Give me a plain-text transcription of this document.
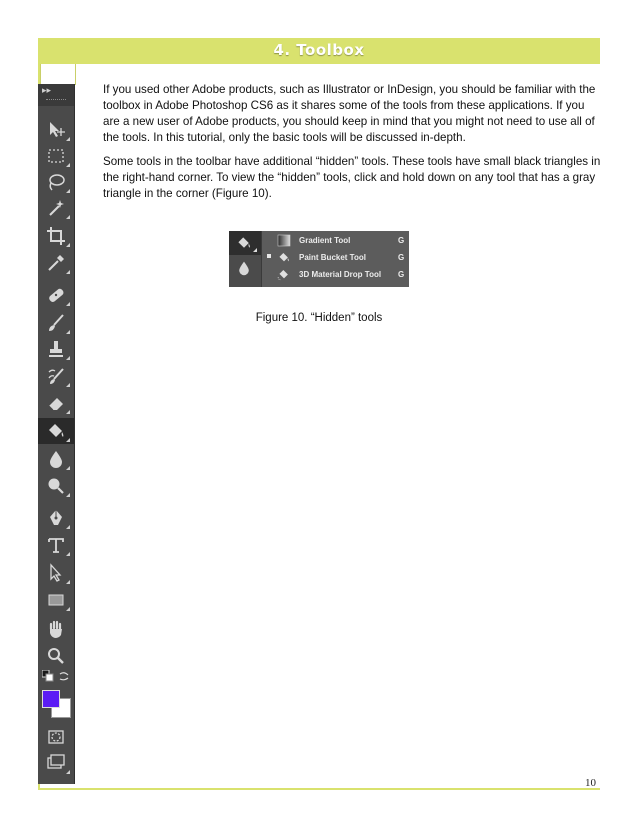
4. Toolbox
▸▸	If you used other Adobe products, such as Illustrator or InDesign, you should be familiar with the toolbox in Adobe Photoshop CS6 as it shares some of the tools from these applications. If you are a new user of Adobe products, you should keep in mind that you might not need to use all of the tools. In this tutorial, only the basic tools will be discussed in-depth.

Some tools in the toolbar have additional “hidden” tools. These tools have small black triangles in the right-hand corner. To view the “hidden” tools, click and hold down on any tool that has a gray triangle in the corner (Figure 10).

Gradient Tool	G
Paint Bucket Tool	G
3D Material Drop Tool G
Figure 10. “Hidden” tools
10
